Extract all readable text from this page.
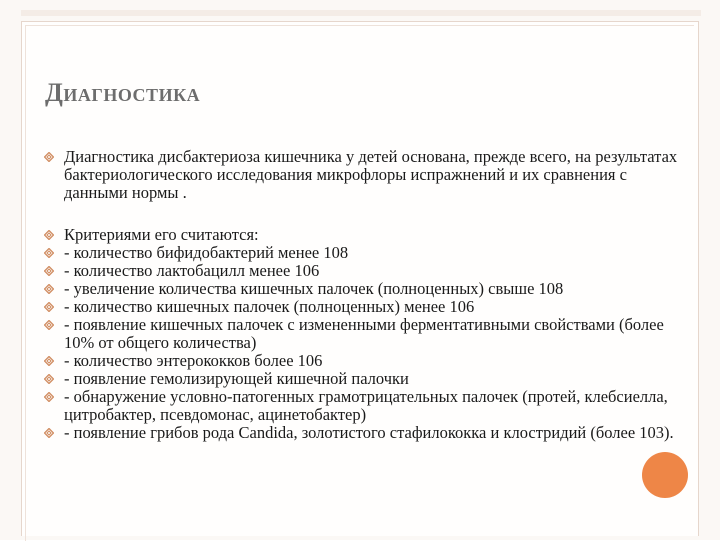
Диагностика
Диагностика дисбактериоза кишечника у детей основана, прежде всего, на результатах бактериологического исследования микрофлоры испражнений и их сравнения с данными нормы .
Критериями его считаются:
- количество бифидобактерий менее 108
- количество лактобацилл менее 106
- увеличение количества кишечных палочек (полноценных) свыше 108
- количество кишечных палочек (полноценных) менее 106
- появление кишечных палочек с измененными ферментативными свойствами (более 10% от общего количества)
- количество энтерококков более 106
- появление гемолизирующей кишечной палочки
- обнаружение условно-патогенных грамотрицательных палочек (протей, клебсиелла, цитробактер, псевдомонас, ацинетобактер)
- появление грибов рода Candida, золотистого стафилококка и клостридий (более 103).
